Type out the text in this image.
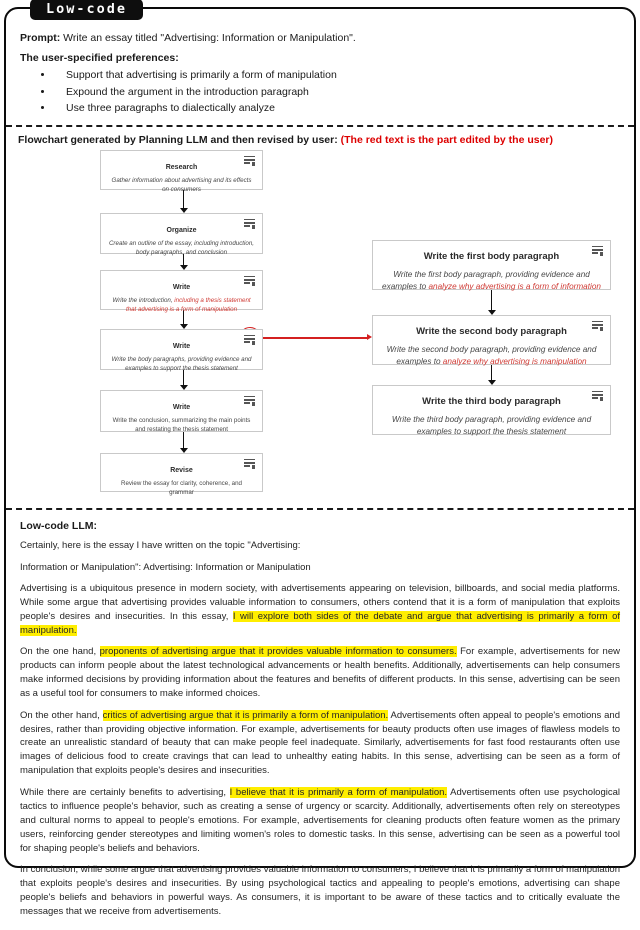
Low-code
Prompt: Write an essay titled "Advertising: Information or Manipulation".
The user-specified preferences:
• Support that advertising is primarily a form of manipulation
• Expound the argument in the introduction paragraph
• Use three paragraphs to dialectically analyze
Flowchart generated by Planning LLM and then revised by user: (The red text is the part edited by the user)
Research
Gather information about advertising and its effects on consumers
Organize
Create an outline of the essay, including introduction, body paragraphs, and conclusion
Write
Write the introduction, including a thesis statement that advertising is a form of manipulation
Write
Write the body paragraphs, providing evidence and examples to support the thesis statement
Write
Write the conclusion, summarizing the main points and restating the thesis statement
Revise
Review the essay for clarity, coherence, and grammar
Write the first body paragraph
Write the first body paragraph, providing evidence and examples to analyze why advertising is a form of information
Write the second body paragraph
Write the second body paragraph, providing evidence and examples to analyze why advertising is manipulation
Write the third body paragraph
Write the third body paragraph, providing evidence and examples to support the thesis statement
Low-code LLM:

Certainly, here is the essay I have written on the topic "Advertising:

Information or Manipulation": Advertising: Information or Manipulation

Advertising is a ubiquitous presence in modern society, with advertisements appearing on television, billboards, and social media platforms. While some argue that advertising provides valuable information to consumers, others contend that it is a form of manipulation that exploits people's desires and insecurities. In this essay, I will explore both sides of the debate and argue that advertising is primarily a form of manipulation.

On the one hand, proponents of advertising argue that it provides valuable information to consumers. For example, advertisements for new products can inform people about the latest technological advancements or health benefits. Additionally, advertisements can help consumers make informed decisions by providing information about the features and benefits of different products. In this sense, advertising can be seen as a useful tool for consumers to make informed choices.

On the other hand, critics of advertising argue that it is primarily a form of manipulation. Advertisements often appeal to people's emotions and desires, rather than providing objective information. For example, advertisements for beauty products often use images of flawless models to create an unrealistic standard of beauty that can make people feel inadequate. Similarly, advertisements for fast food restaurants often use images of delicious food to create cravings that can lead to unhealthy eating habits. In this sense, advertising can be seen as a form of manipulation that exploits people's desires and insecurities.

While there are certainly benefits to advertising, I believe that it is primarily a form of manipulation. Advertisements often use psychological tactics to influence people's behavior, such as creating a sense of urgency or scarcity. Additionally, advertisements often rely on stereotypes and cultural norms to appeal to people's emotions. For example, advertisements for cleaning products often feature women as the primary users, reinforcing gender stereotypes and limiting women's roles to domestic tasks. In this sense, advertising can be seen as a powerful tool for shaping people's beliefs and behaviors.

In conclusion, while some argue that advertising provides valuable information to consumers, I believe that it is primarily a form of manipulation that exploits people's desires and insecurities. By using psychological tactics and appealing to people's emotions, advertising can shape people's beliefs and behaviors in powerful ways. As consumers, it is important to be aware of these tactics and to critically evaluate the messages that we receive from advertisements.
